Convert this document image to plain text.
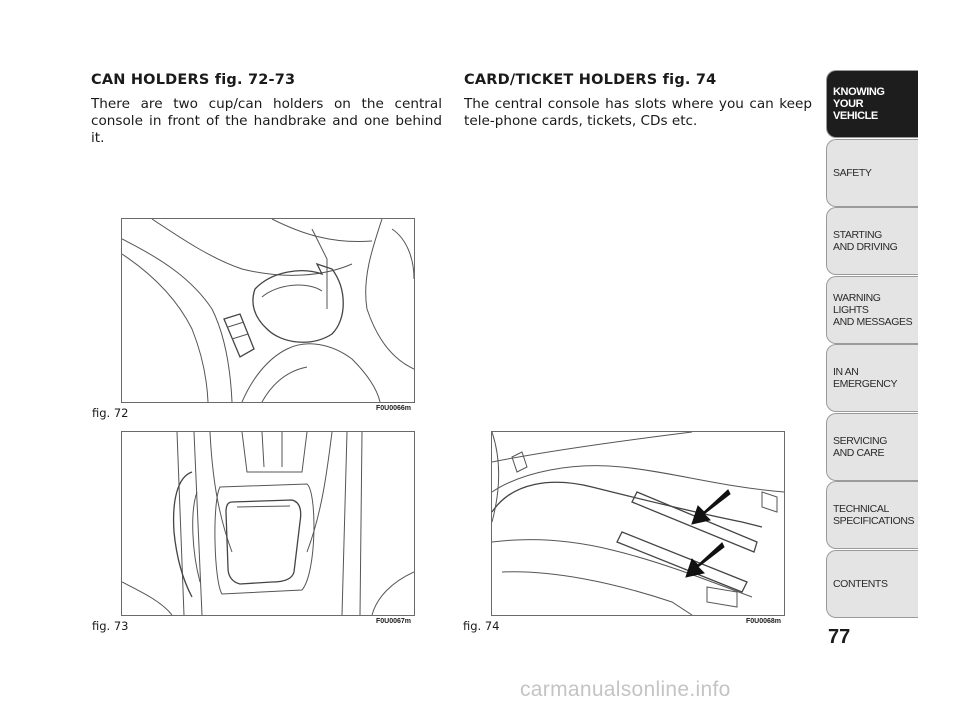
CAN HOLDERS fig. 72-73
There are two cup/can holders on the central console in front of the handbrake and one behind it.
CARD/TICKET HOLDERS fig. 74
The central console has slots where you can keep tele-phone cards, tickets, CDs etc.
fig. 72	F0U0066m
fig. 73	F0U0067m	fig. 74	F0U0068m
KNOWING
YOUR
VEHICLE
SAFETY
STARTING
AND DRIVING
WARNING LIGHTS
AND MESSAGES
IN AN
EMERGENCY
SERVICING
AND CARE
TECHNICAL
SPECIFICATIONS
CONTENTS
77
carmanualsonline.info
